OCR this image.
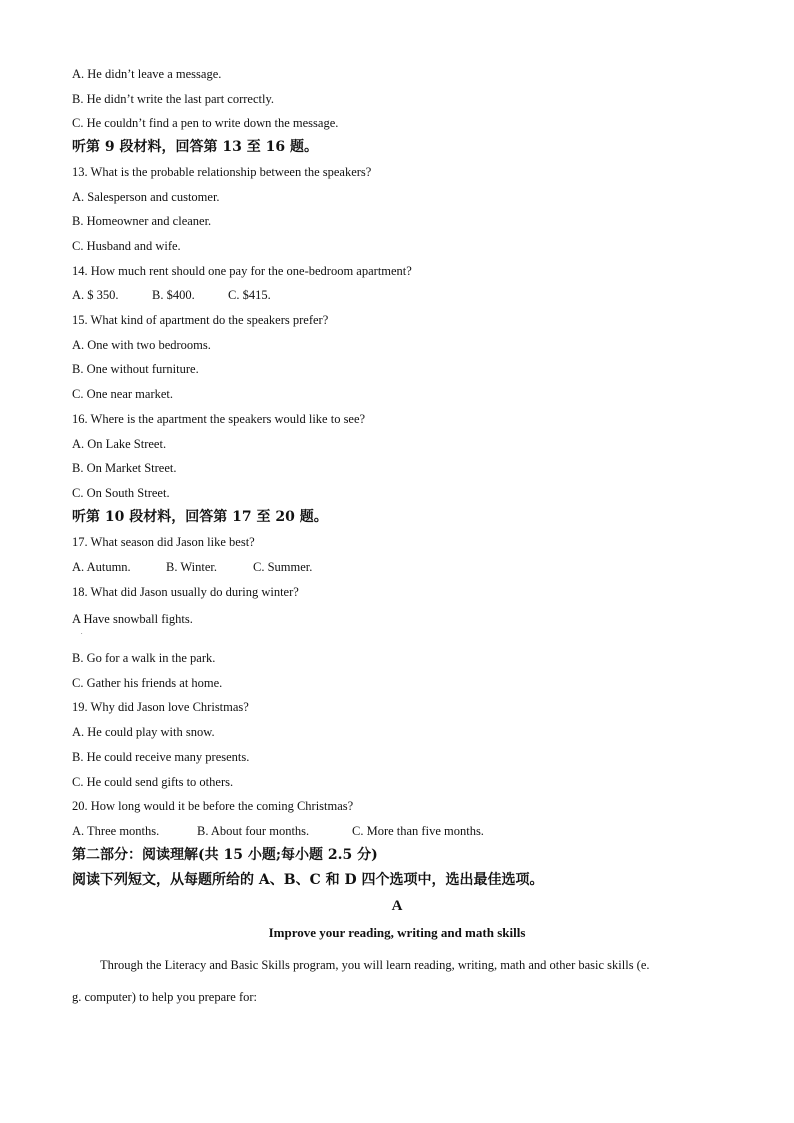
A. He didn’t leave a message.
B. He didn’t write the last part correctly.
C. He couldn’t find a pen to write down the message.
听第 9 段材料，回答第 13 至 16 题。
13. What is the probable relationship between the speakers?
A. Salesperson and customer.
B. Homeowner and cleaner.
C. Husband and wife.
14. How much rent should one pay for the one-bedroom apartment?
A. $ 350.	B. $400.	C. $415.
15. What kind of apartment do the speakers prefer?
A. One with two bedrooms.
B. One without furniture.
C. One near market.
16. Where is the apartment the speakers would like to see?
A. On Lake Street.
B. On Market Street.
C. On South Street.
听第 10 段材料，回答第 17 至 20 题。
17. What season did Jason like best?
A. Autumn.	B. Winter.	C. Summer.
18. What did Jason usually do during winter?
A Have snowball fights.
.
B. Go for a walk in the park.
C. Gather his friends at home.
19. Why did Jason love Christmas?
A. He could play with snow.
B. He could receive many presents.
C. He could send gifts to others.
20. How long would it be before the coming Christmas?
A. Three months.	B. About four months.	C. More than five months.
第二部分：阅读理解(共 15 小题;每小题 2.5 分)
阅读下列短文，从每题所给的 A、B、C 和 D 四个选项中，选出最佳选项。
A
Improve your reading, writing and math skills
Through the Literacy and Basic Skills program, you will learn reading, writing, math and other basic skills (e.
g. computer) to help you prepare for:
